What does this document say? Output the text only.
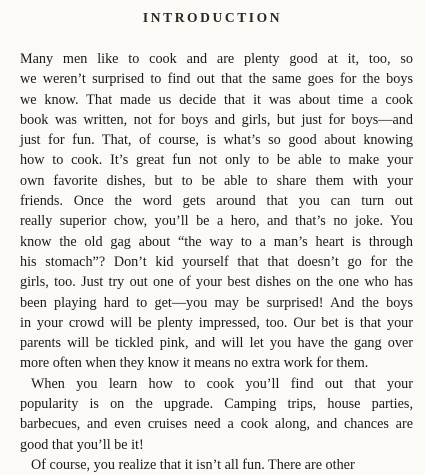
INTRODUCTION
Many men like to cook and are plenty good at it, too, so
we weren’t surprised to find out that the same goes for the boys
we know. That made us decide that it was about time a cook
book was written, not for boys and girls, but just for boys—and
just for fun. That, of course, is what’s so good about knowing
how to cook. It’s great fun not only to be able to make your
own favorite dishes, but to be able to share them with your
friends. Once the word gets around that you can turn out
really superior chow, you’ll be a hero, and that’s no joke. You
know the old gag about “the way to a man’s heart is through
his stomach”? Don’t kid yourself that that doesn’t go for the
girls, too. Just try out one of your best dishes on the one who has
been playing hard to get—you may be surprised! And the boys
in your crowd will be plenty impressed, too. Our bet is that your
parents will be tickled pink, and will let you have the gang over
more often when they know it means no extra work for them.
When you learn how to cook you’ll find out that your
popularity is on the upgrade. Camping trips, house parties,
barbecues, and even cruises need a cook along, and chances are
good that you’ll be it!
Of course, you realize that it isn’t all fun. There are other
